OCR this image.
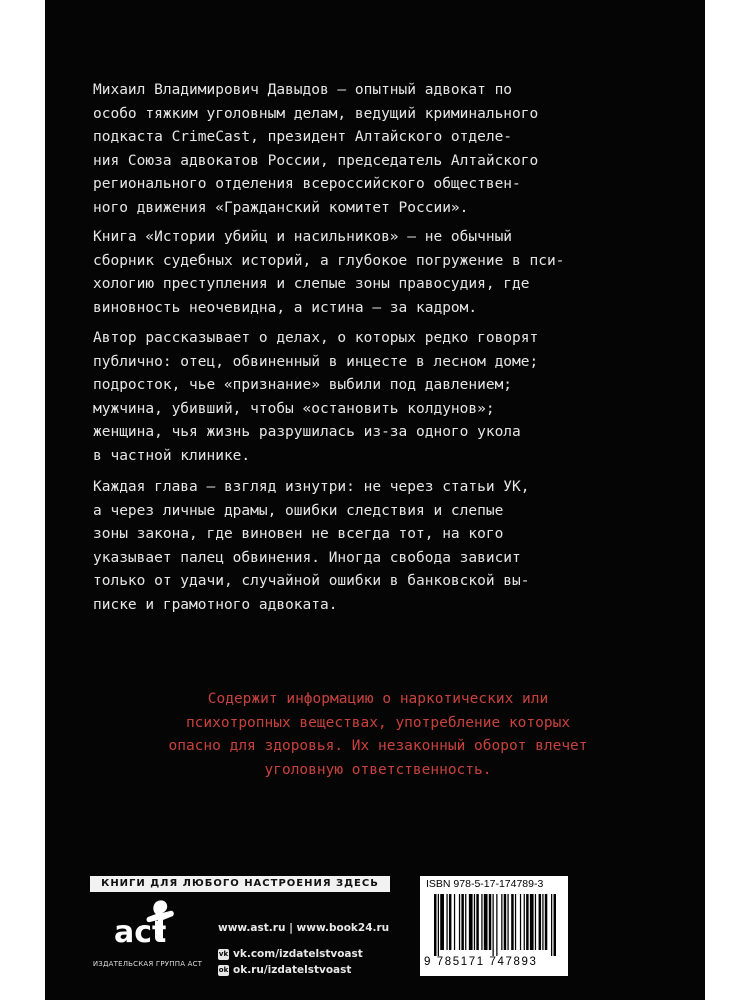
Михаил Владимирович Давыдов — опытный адвокат по

особо тяжким уголовным делам, ведущий криминального

подкаста CrimeCast, президент Алтайского отделе-

ния Союза адвокатов России, председатель Алтайского

регионального отделения всероссийского обществен-

ного движения «Гражданский комитет России».

Книга «Истории убийц и насильников» — не обычный

сборник судебных историй, а глубокое погружение в пси-

хологию преступления и слепые зоны правосудия, где

виновность неочевидна, а истина — за кадром.

Автор рассказывает о делах, о которых редко говорят

публично: отец, обвиненный в инцесте в лесном доме;

подросток, чье «признание» выбили под давлением;

мужчина, убивший, чтобы «остановить колдунов»;

женщина, чья жизнь разрушилась из-за одного укола

в частной клинике.

Каждая глава — взгляд изнутри: не через статьи УК,

а через личные драмы, ошибки следствия и слепые

зоны закона, где виновен не всегда тот, на кого

указывает палец обвинения. Иногда свобода зависит

только от удачи, случайной ошибки в банковской вы-

писке и грамотного адвоката.

Содержит информацию о наркотических или
психотропных веществах, употребление которых
опасно для здоровья. Их незаконный оборот влечет
уголовную ответственность.
КНИГИ ДЛЯ ЛЮБОГО НАСТРОЕНИЯ ЗДЕСЬ
act
ИЗДАТЕЛЬСКАЯ ГРУППА АСТ
www.ast.ru | www.book24.ru
vk vk.com/izdatelstvoast
ok ok.ru/izdatelstvoast
ISBN 978-5-17-174789-3
9 785171 747893
